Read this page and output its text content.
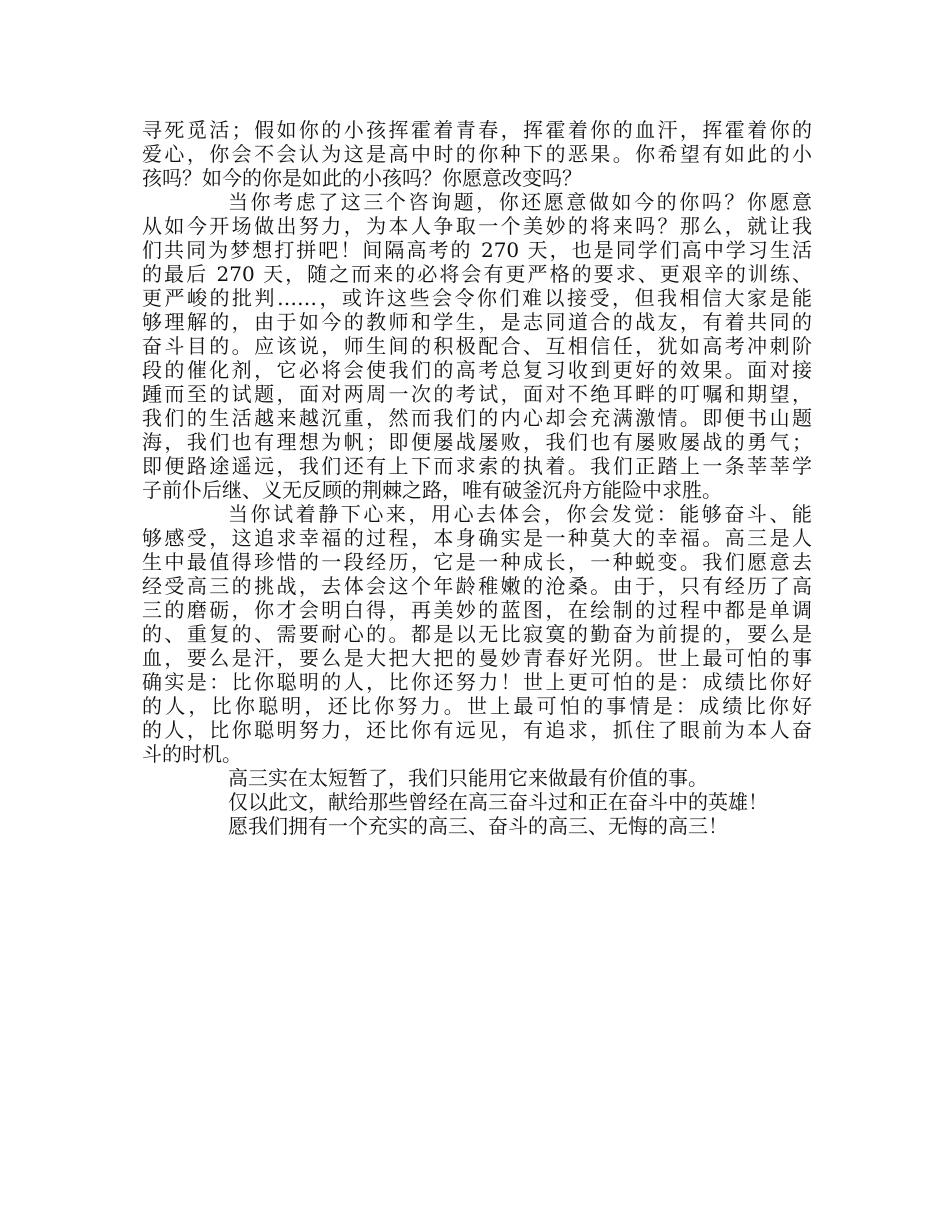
寻死觅活；假如你的小孩挥霍着青春，挥霍着你的血汗，挥霍着你的
爱心，你会不会认为这是高中时的你种下的恶果。你希望有如此的小
孩吗？如今的你是如此的小孩吗？你愿意改变吗？
当你考虑了这三个咨询题，你还愿意做如今的你吗？你愿意
从如今开场做出努力，为本人争取一个美妙的将来吗？那么，就让我
们共同为梦想打拼吧！间隔高考的 270 天，也是同学们高中学习生活
的最后 270 天，随之而来的必将会有更严格的要求、更艰辛的训练、
更严峻的批判……，或许这些会令你们难以接受，但我相信大家是能
够理解的，由于如今的教师和学生，是志同道合的战友，有着共同的
奋斗目的。应该说，师生间的积极配合、互相信任，犹如高考冲刺阶
段的催化剂，它必将会使我们的高考总复习收到更好的效果。面对接
踵而至的试题，面对两周一次的考试，面对不绝耳畔的叮嘱和期望，
我们的生活越来越沉重，然而我们的内心却会充满激情。即便书山题
海，我们也有理想为帆；即便屡战屡败，我们也有屡败屡战的勇气；
即便路途遥远，我们还有上下而求索的执着。我们正踏上一条莘莘学
子前仆后继、义无反顾的荆棘之路，唯有破釜沉舟方能险中求胜。
当你试着静下心来，用心去体会，你会发觉：能够奋斗、能
够感受，这追求幸福的过程，本身确实是一种莫大的幸福。高三是人
生中最值得珍惜的一段经历，它是一种成长，一种蜕变。我们愿意去
经受高三的挑战，去体会这个年龄稚嫩的沧桑。由于，只有经历了高
三的磨砺，你才会明白得，再美妙的蓝图，在绘制的过程中都是单调
的、重复的、需要耐心的。都是以无比寂寞的勤奋为前提的，要么是
血，要么是汗，要么是大把大把的曼妙青春好光阴。世上最可怕的事
确实是：比你聪明的人，比你还努力！世上更可怕的是：成绩比你好
的人，比你聪明，还比你努力。世上最可怕的事情是：成绩比你好
的人，比你聪明努力，还比你有远见，有追求，抓住了眼前为本人奋
斗的时机。
高三实在太短暂了，我们只能用它来做最有价值的事。
仅以此文，献给那些曾经在高三奋斗过和正在奋斗中的英雄！
愿我们拥有一个充实的高三、奋斗的高三、无悔的高三！
